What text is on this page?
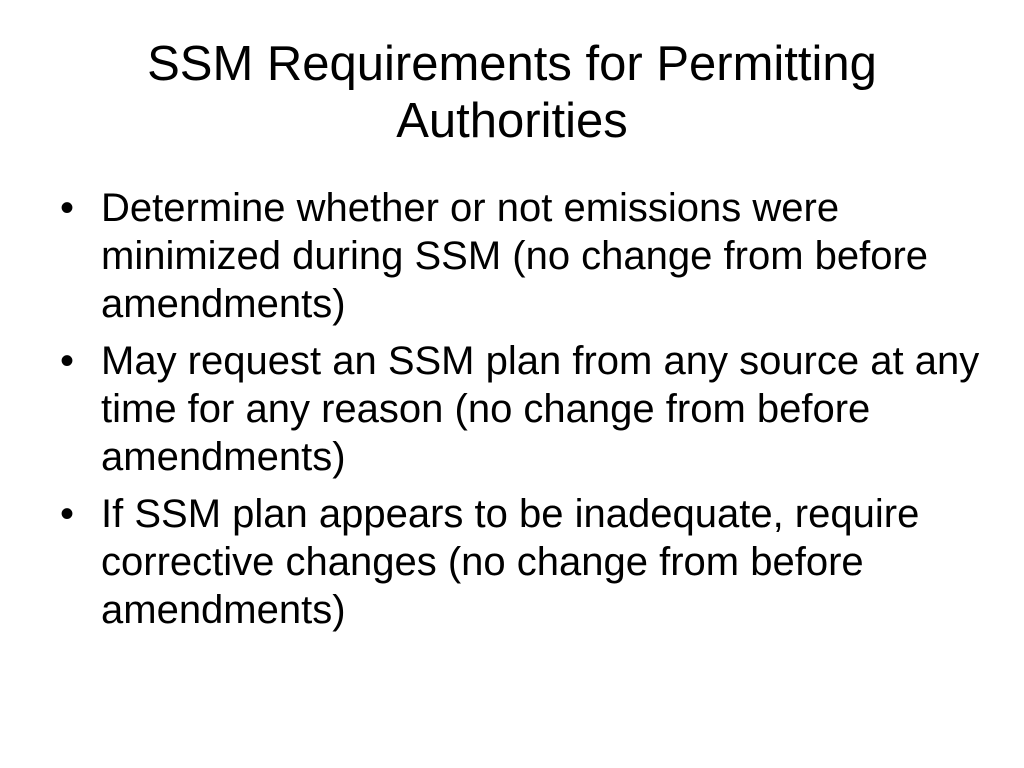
SSM Requirements for Permitting Authorities
• Determine whether or not emissions were minimized during SSM (no change from before amendments)
• May request an SSM plan from any source at any time for any reason (no change from before amendments)
• If SSM plan appears to be inadequate, require corrective changes (no change from before amendments)
